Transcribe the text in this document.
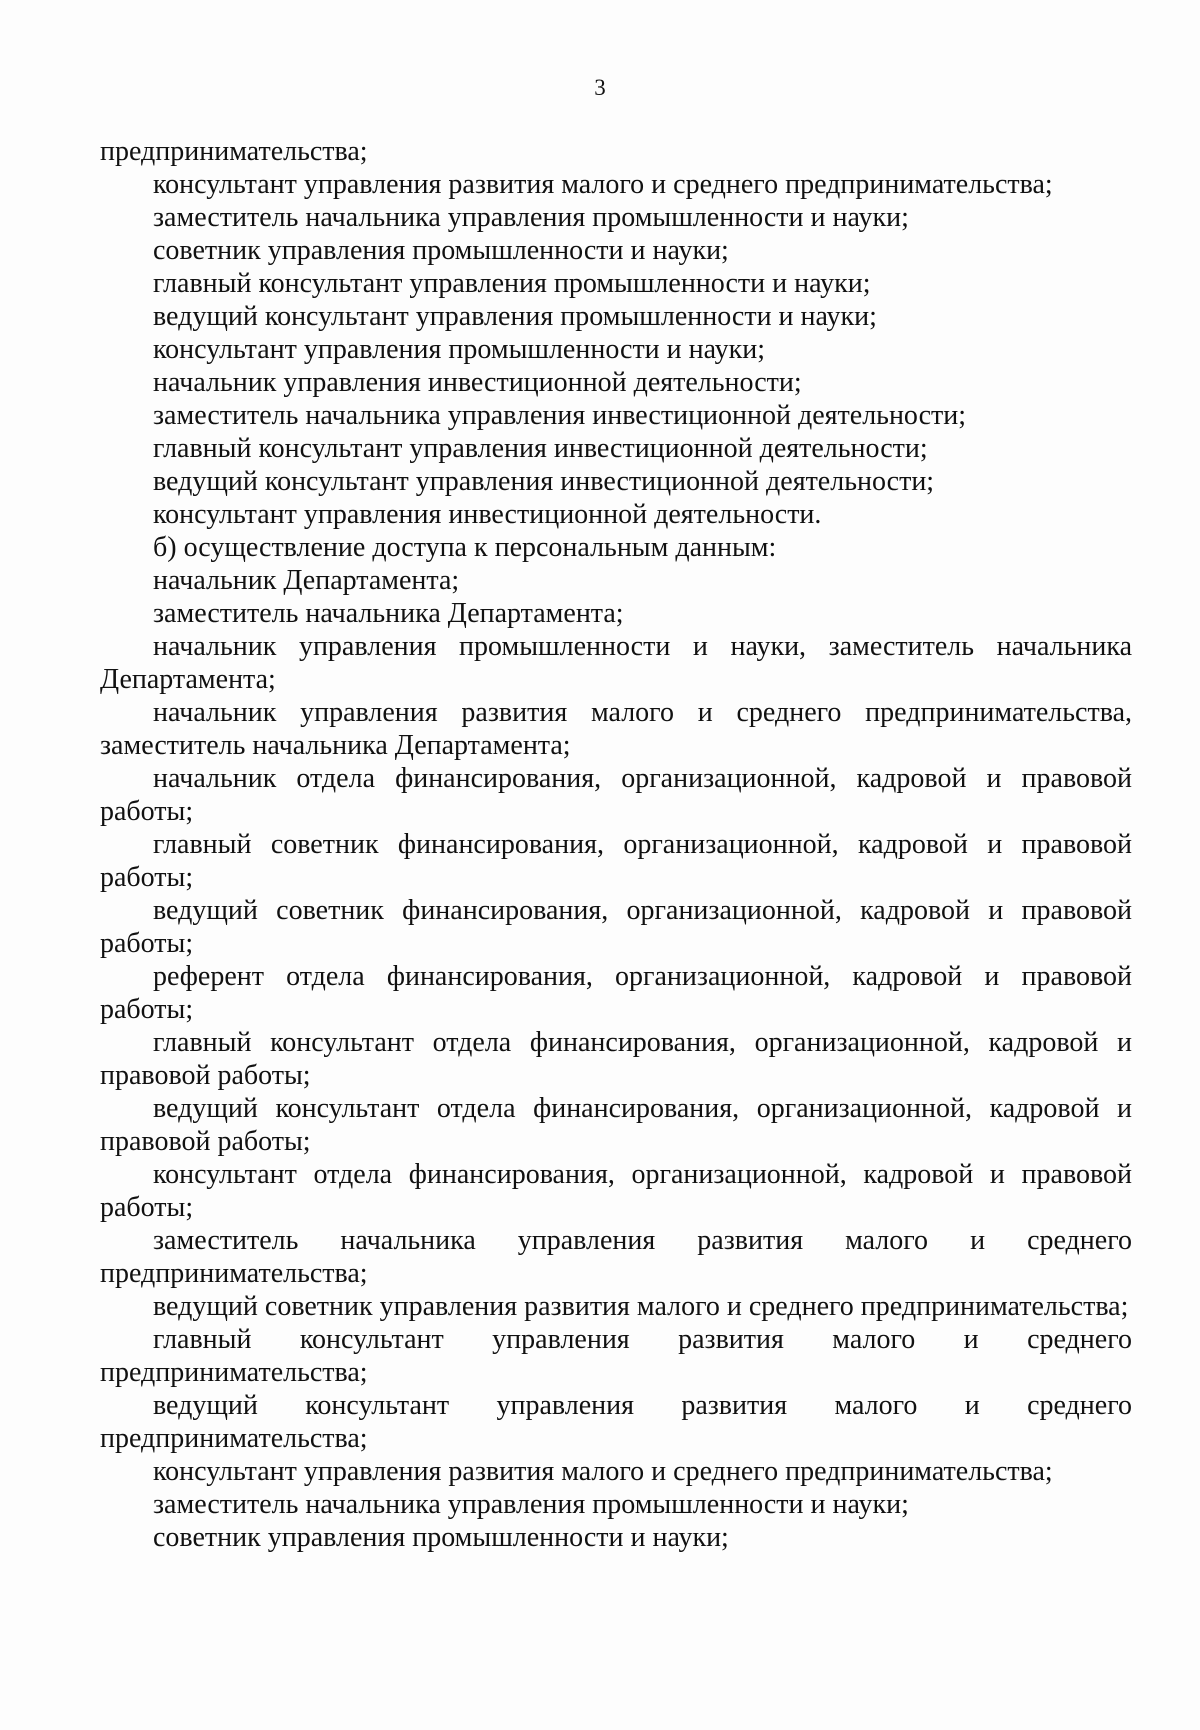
3

предпринимательства;

консультант управления развития малого и среднего предпринимательства;

заместитель начальника управления промышленности и науки;

советник управления промышленности и науки;

главный консультант управления промышленности и науки;

ведущий консультант управления промышленности и науки;

консультант управления промышленности и науки;

начальник управления инвестиционной деятельности;

заместитель начальника управления инвестиционной деятельности;

главный консультант управления инвестиционной деятельности;

ведущий консультант управления инвестиционной деятельности;

консультант управления инвестиционной деятельности.

б) осуществление доступа к персональным данным:

начальник Департамента;

заместитель начальника Департамента;

начальник управления промышленности и науки, заместитель начальника Департамента;

начальник управления развития малого и среднего предпринимательства, заместитель начальника Департамента;

начальник отдела финансирования, организационной, кадровой и правовой работы;

главный советник финансирования, организационной, кадровой и правовой работы;

ведущий советник финансирования, организационной, кадровой и правовой работы;

референт отдела финансирования, организационной, кадровой и правовой работы;

главный консультант отдела финансирования, организационной, кадровой и правовой работы;

ведущий консультант отдела финансирования, организационной, кадровой и правовой работы;

консультант отдела финансирования, организационной, кадровой и правовой работы;

заместитель начальника управления развития малого и среднего предпринимательства;

ведущий советник управления развития малого и среднего предпринимательства;

главный консультант управления развития малого и среднего предпринимательства;

ведущий консультант управления развития малого и среднего предпринимательства;

консультант управления развития малого и среднего предпринимательства;

заместитель начальника управления промышленности и науки;

советник управления промышленности и науки;
